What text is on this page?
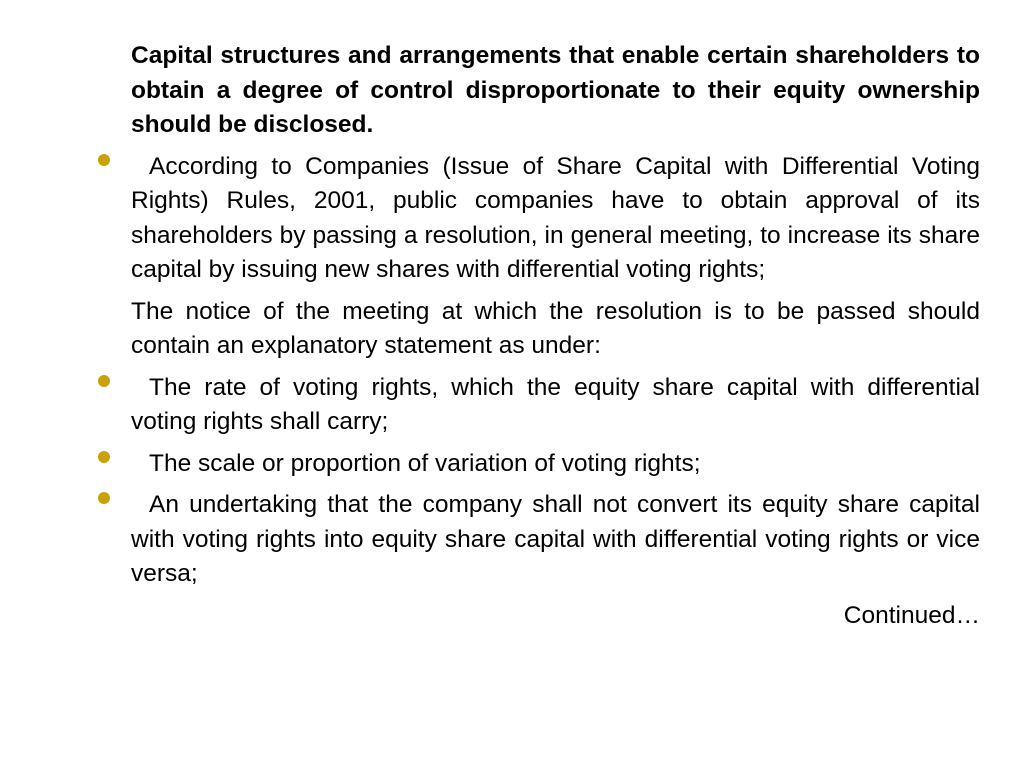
Capital structures and arrangements that enable certain shareholders to obtain a degree of control disproportionate to their equity ownership should be disclosed.

According to Companies (Issue of Share Capital with Differential Voting Rights) Rules, 2001, public companies have to obtain approval of its shareholders by passing a resolution, in general meeting, to increase its share capital by issuing new shares with differential voting rights;

The notice of the meeting at which the resolution is to be passed should contain an explanatory statement as under:

The rate of voting rights, which the equity share capital with differential voting rights shall carry;

The scale or proportion of variation of voting rights;

An undertaking that the company shall not convert its equity share capital with voting rights into equity share capital with differential voting rights or vice versa;

Continued…
